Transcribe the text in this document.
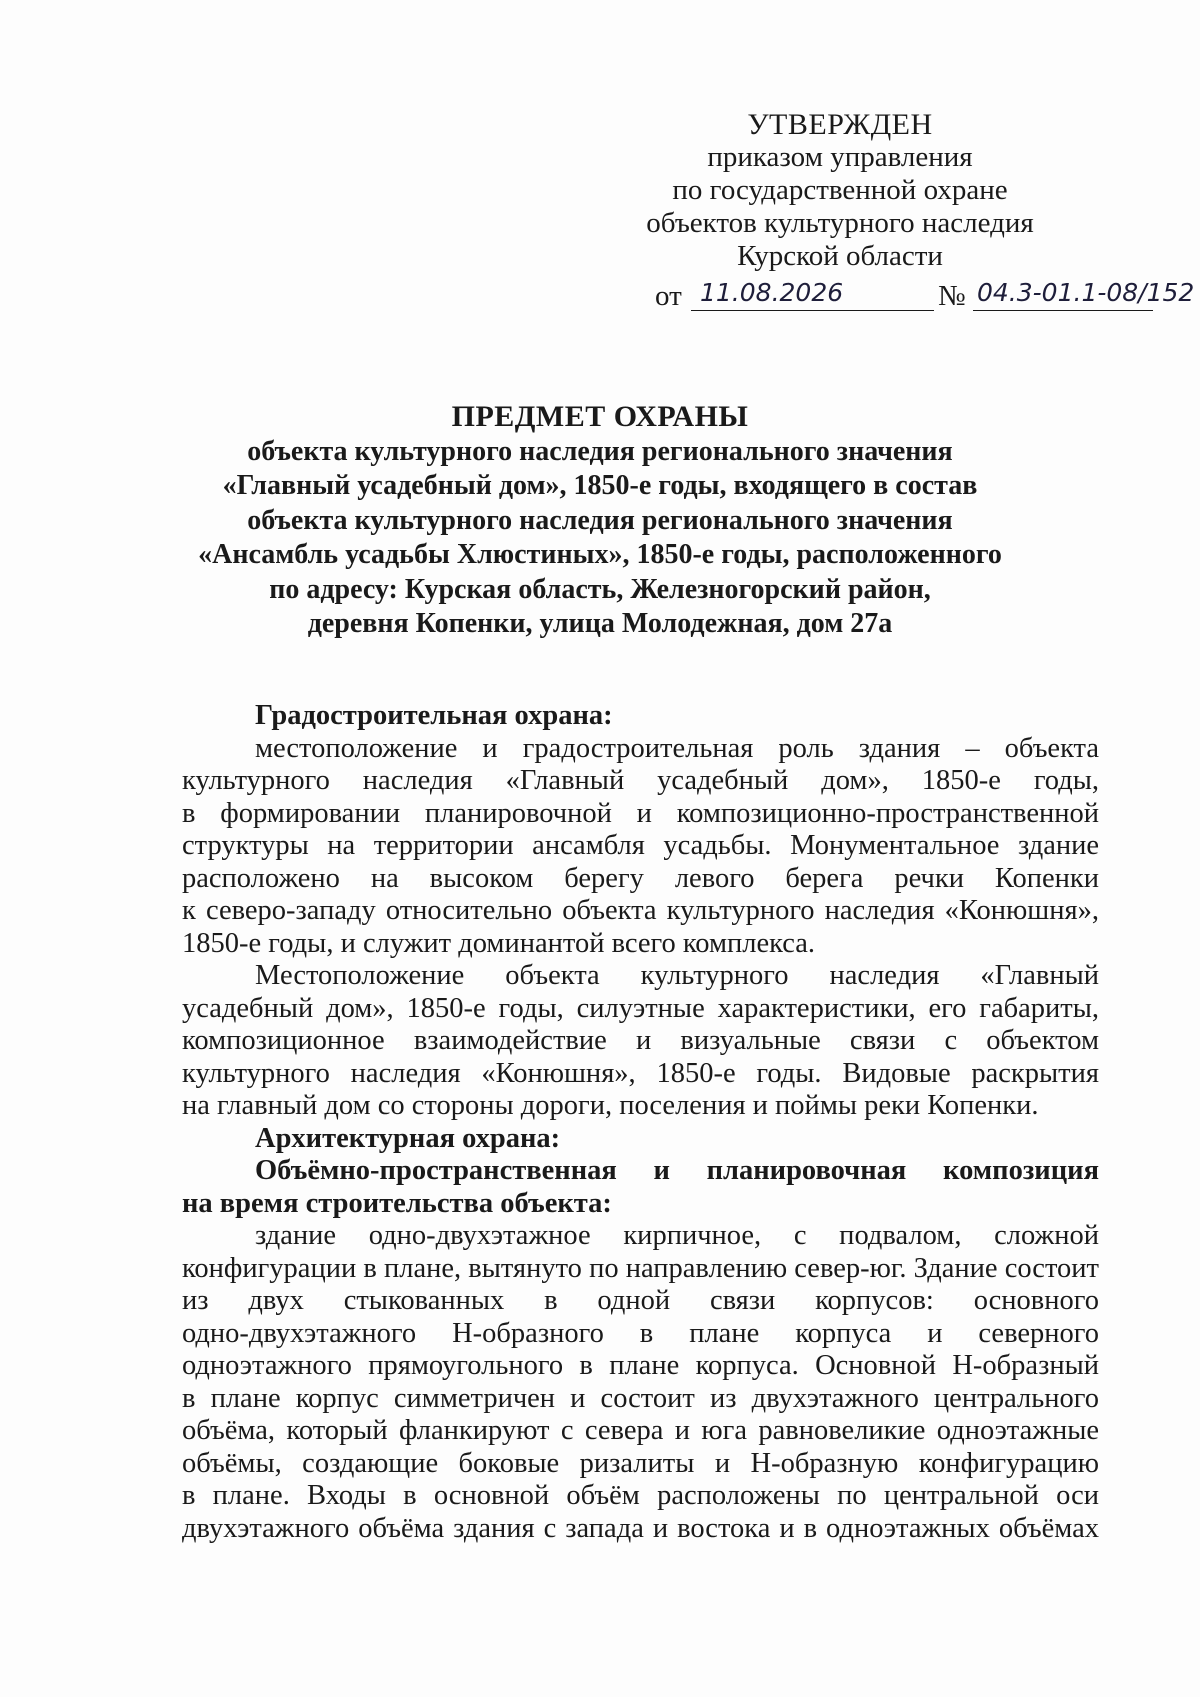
УТВЕРЖДЕН
приказом управления
по государственной охране
объектов культурного наследия
Курской области
от 11.08.2026	№ 04.3-01.1-08/152
ПРЕДМЕТ ОХРАНЫ
объекта культурного наследия регионального значения
«Главный усадебный дом», 1850-е годы, входящего в состав
объекта культурного наследия регионального значения
«Ансамбль усадьбы Хлюстиных», 1850-е годы, расположенного
по адресу: Курская область, Железногорский район,
деревня Копенки, улица Молодежная, дом 27а
Градостроительная охрана:
местоположение и градостроительная роль здания – объекта
культурного наследия «Главный усадебный дом», 1850-е годы,
в формировании планировочной и композиционно-пространственной
структуры на территории ансамбля усадьбы. Монументальное здание
расположено на высоком берегу левого берега речки Копенки
к северо-западу относительно объекта культурного наследия «Конюшня»,
1850-е годы, и служит доминантой всего комплекса.
Местоположение объекта культурного наследия «Главный
усадебный дом», 1850-е годы, силуэтные характеристики, его габариты,
композиционное взаимодействие и визуальные связи с объектом
культурного наследия «Конюшня», 1850-е годы. Видовые раскрытия
на главный дом со стороны дороги, поселения и поймы реки Копенки.
Архитектурная охрана:
Объёмно-пространственная и планировочная композиция
на время строительства объекта:
здание одно-двухэтажное кирпичное, с подвалом, сложной
конфигурации в плане, вытянуто по направлению север-юг. Здание состоит
из двух стыкованных в одной связи корпусов: основного
одно-двухэтажного Н-образного в плане корпуса и северного
одноэтажного прямоугольного в плане корпуса. Основной Н-образный
в плане корпус симметричен и состоит из двухэтажного центрального
объёма, который фланкируют с севера и юга равновеликие одноэтажные
объёмы, создающие боковые ризалиты и Н-образную конфигурацию
в плане. Входы в основной объём расположены по центральной оси
двухэтажного объёма здания с запада и востока и в одноэтажных объёмах
